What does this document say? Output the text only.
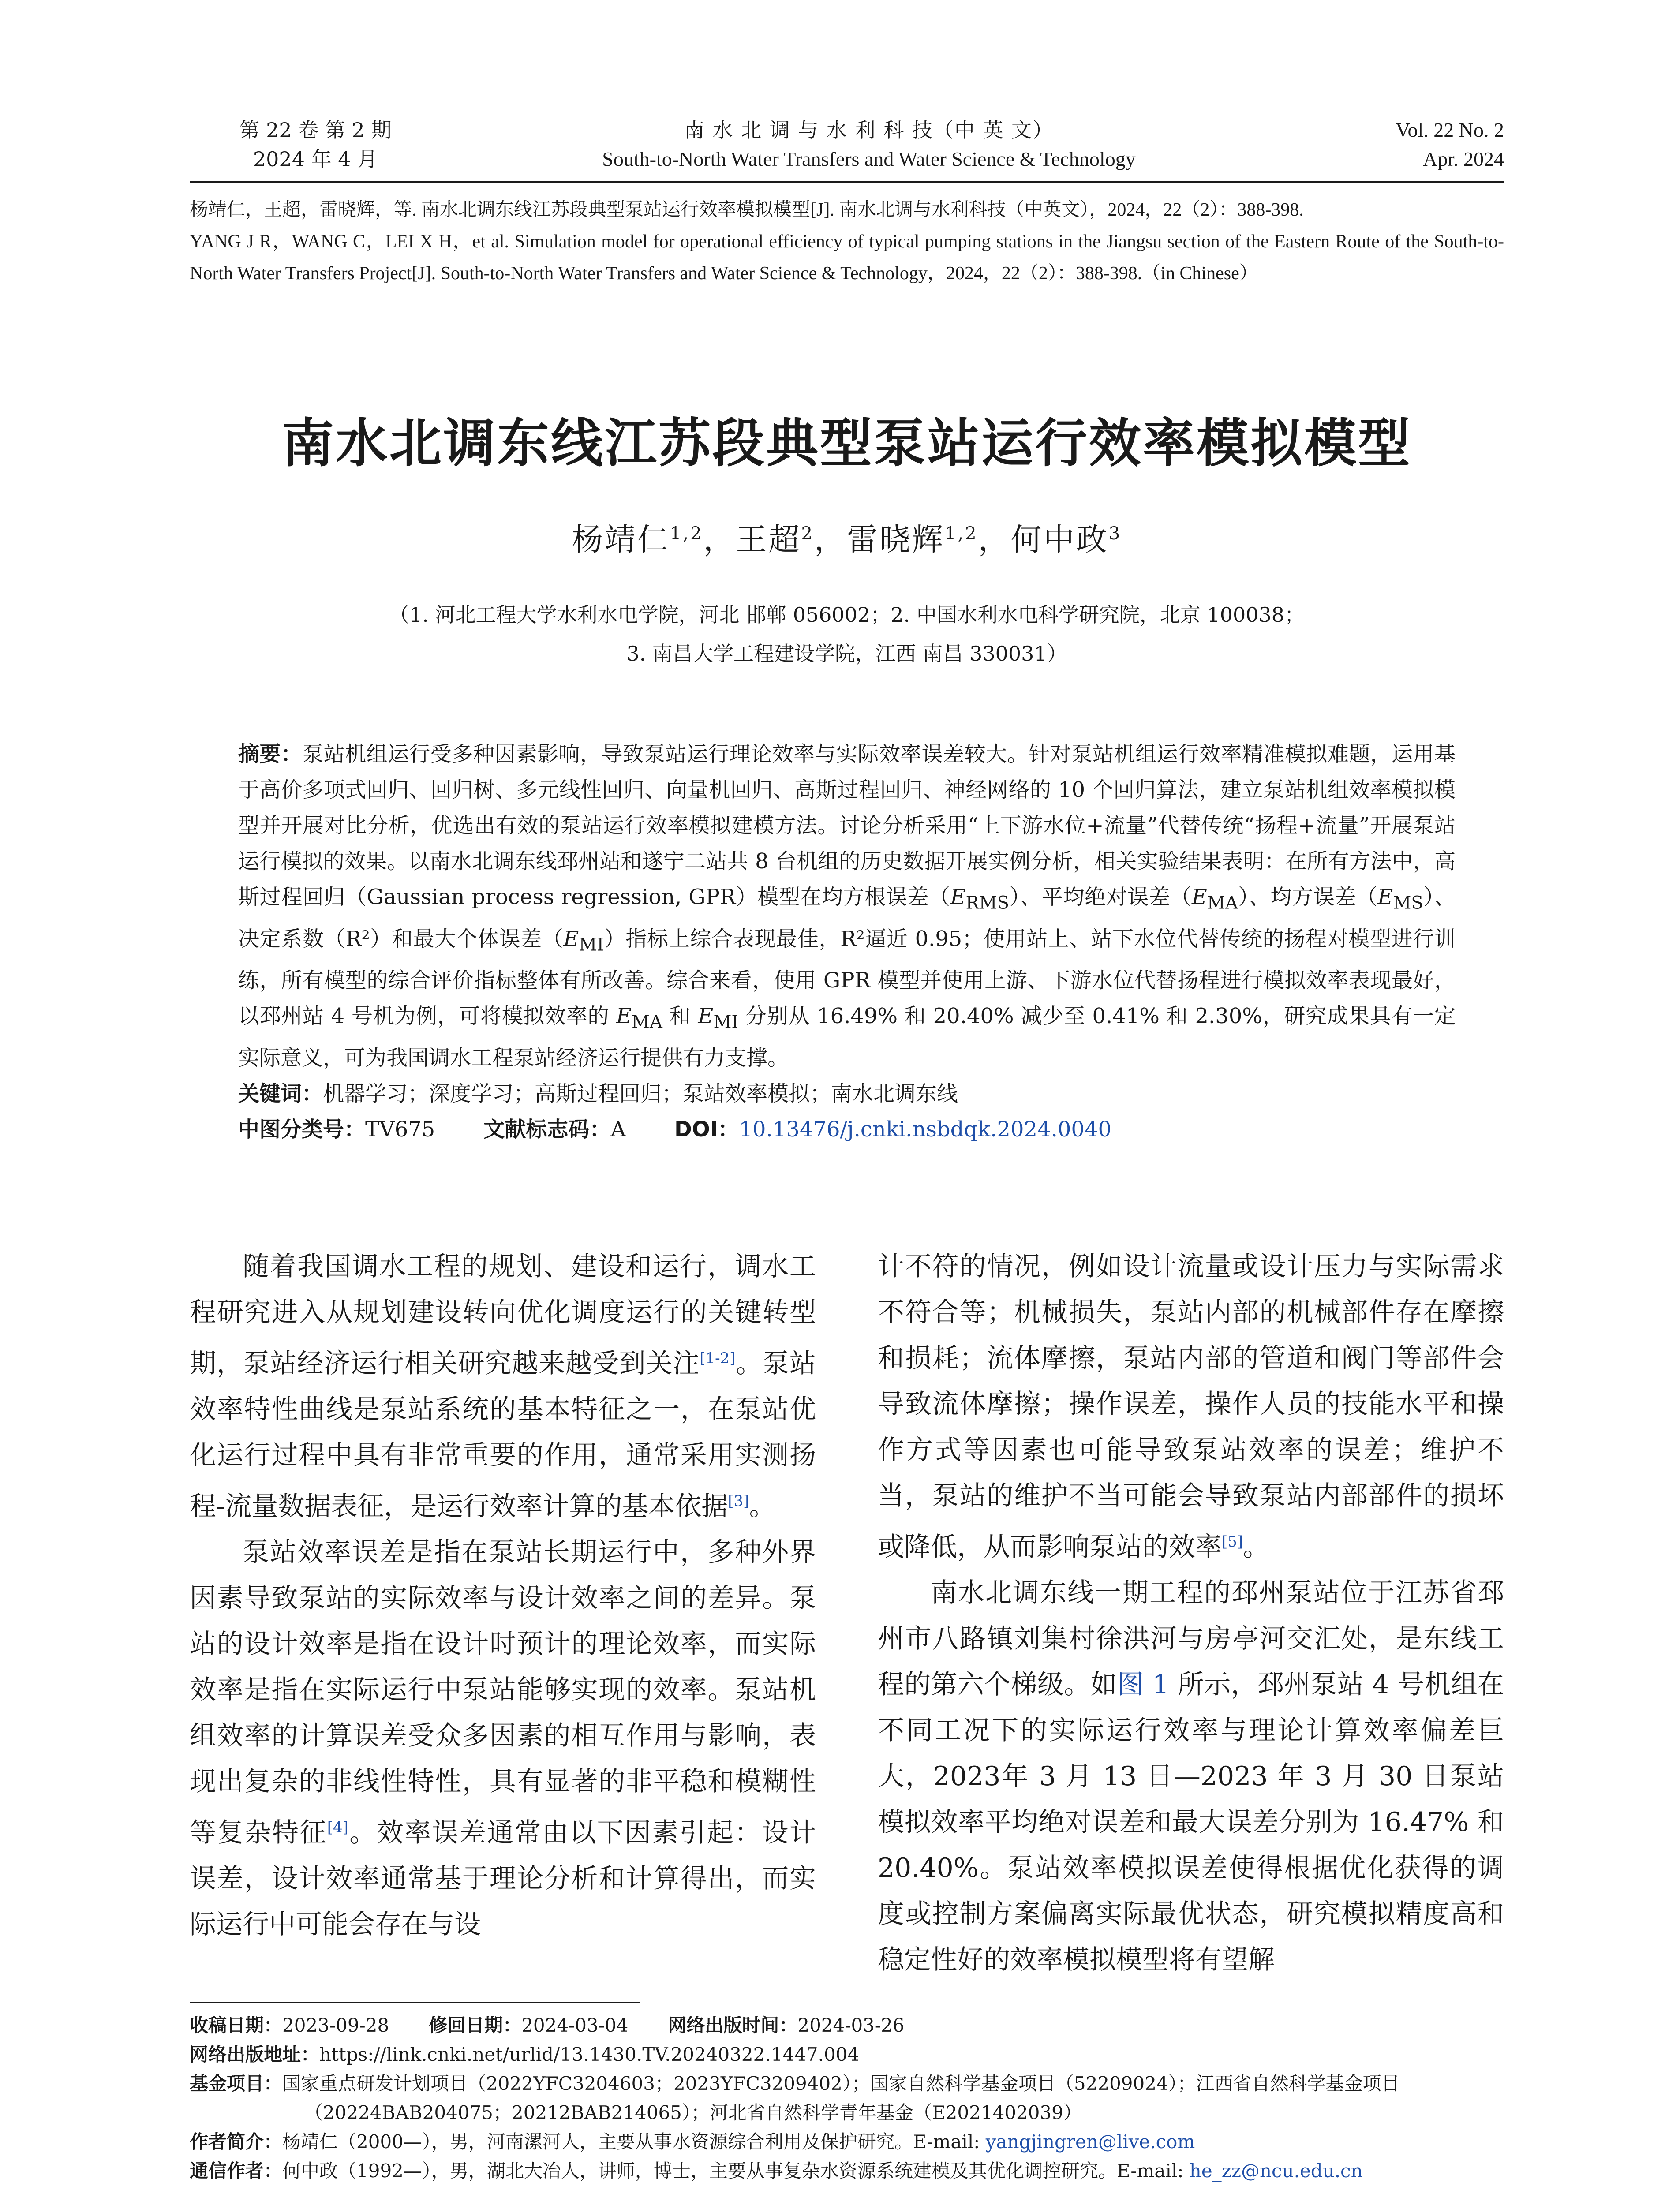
第 22 卷 第 2 期
2024 年 4 月
南 水 北 调 与 水 利 科 技（中 英 文）
South-to-North Water Transfers and Water Science & Technology
Vol. 22 No. 2
Apr. 2024

杨靖仁，王超，雷晓辉，等. 南水北调东线江苏段典型泵站运行效率模拟模型[J]. 南水北调与水利科技（中英文），2024，22（2）：388-398.

YANG J R，WANG C，LEI X H，et al. Simulation model for operational efficiency of typical pumping stations in the Jiangsu section of the Eastern Route of the South-to-North Water Transfers Project[J]. South-to-North Water Transfers and Water Science & Technology，2024，22（2）：388-398.（in Chinese）

南水北调东线江苏段典型泵站运行效率模拟模型
杨靖仁$^{1,2}$，王超$^2$，雷晓辉$^{1,2}$，何中政$^3$
（1. 河北工程大学水利水电学院，河北 邯郸 056002；2. 中国水利水电科学研究院，北京 100038；
3. 南昌大学工程建设学院，江西 南昌 330031）

摘要：泵站机组运行受多种因素影响，导致泵站运行理论效率与实际效率误差较大。针对泵站机组运行效率精准模拟难题，运用基于高价多项式回归、回归树、多元线性回归、向量机回归、高斯过程回归、神经网络的 10 个回归算法，建立泵站机组效率模拟模型并开展对比分析，优选出有效的泵站运行效率模拟建模方法。讨论分析采用“上下游水位+流量”代替传统“扬程+流量”开展泵站运行模拟的效果。以南水北调东线邳州站和遂宁二站共 8 台机组的历史数据开展实例分析，相关实验结果表明：在所有方法中，高斯过程回归（Gaussian process regression, GPR）模型在均方根误差$(E_{RMS})$、平均绝对误差$(E_{MA})$、均方误差$(E_{MS})$、决定系数（R²）和最大个体误差$(E_{MI})$指标上综合表现最佳，R²逼近 0.95；使用站上、站下水位代替传统的扬程对模型进行训练，所有模型的综合评价指标整体有所改善。综合来看，使用 GPR 模型并使用上游、下游水位代替扬程进行模拟效率表现最好，以邳州站 4 号机为例，可将模拟效率的 $E_{MA}$ 和 $E_{MI}$ 分别从 16.49% 和 20.40% 减少至 0.41% 和 2.30%，研究成果具有一定实际意义，可为我国调水工程泵站经济运行提供有力支撑。

关键词：机器学习；深度学习；高斯过程回归；泵站效率模拟；南水北调东线

中图分类号：TV675 文献标志码：A DOI：10.13476/j.cnki.nsbdqk.2024.0040

随着我国调水工程的规划、建设和运行，调水工程研究进入从规划建设转向优化调度运行的关键转型期，泵站经济运行相关研究越来越受到关注[1-2]。泵站效率特性曲线是泵站系统的基本特征之一，在泵站优化运行过程中具有非常重要的作用，通常采用实测扬程-流量数据表征，是运行效率计算的基本依据[3]。

泵站效率误差是指在泵站长期运行中，多种外界因素导致泵站的实际效率与设计效率之间的差异。泵站的设计效率是指在设计时预计的理论效率，而实际效率是指在实际运行中泵站能够实现的效率。泵站机组效率的计算误差受众多因素的相互作用与影响，表现出复杂的非线性特性，具有显著的非平稳和模糊性等复杂特征[4]。效率误差通常由以下因素引起：设计误差，设计效率通常基于理论分析和计算得出，而实际运行中可能会存在与设

计不符的情况，例如设计流量或设计压力与实际需求不符合等；机械损失，泵站内部的机械部件存在摩擦和损耗；流体摩擦，泵站内部的管道和阀门等部件会导致流体摩擦；操作误差，操作人员的技能水平和操作方式等因素也可能导致泵站效率的误差；维护不当，泵站的维护不当可能会导致泵站内部部件的损坏或降低，从而影响泵站的效率[5]。

南水北调东线一期工程的邳州泵站位于江苏省邳州市八路镇刘集村徐洪河与房亭河交汇处，是东线工程的第六个梯级。如图 1 所示，邳州泵站 4 号机组在不同工况下的实际运行效率与理论计算效率偏差巨大，2023年 3 月 13 日—2023 年 3 月 30 日泵站模拟效率平均绝对误差和最大误差分别为 16.47% 和 20.40%。泵站效率模拟误差使得根据优化获得的调度或控制方案偏离实际最优状态，研究模拟精度高和稳定性好的效率模拟模型将有望解

收稿日期：2023-09-28 修回日期：2024-03-04 网络出版时间：2024-03-26

网络出版地址：https://link.cnki.net/urlid/13.1430.TV.20240322.1447.004

基金项目：国家重点研发计划项目（2022YFC3204603；2023YFC3209402）；国家自然科学基金项目（52209024）；江西省自然科学基金项目

（20224BAB204075；20212BAB214065）；河北省自然科学青年基金（E2021402039）

作者简介：杨靖仁（2000—），男，河南漯河人，主要从事水资源综合利用及保护研究。E-mail: yangjingren@live.com

通信作者：何中政（1992—），男，湖北大冶人，讲师，博士，主要从事复杂水资源系统建模及其优化调控研究。E-mail: he_zz@ncu.edu.cn
